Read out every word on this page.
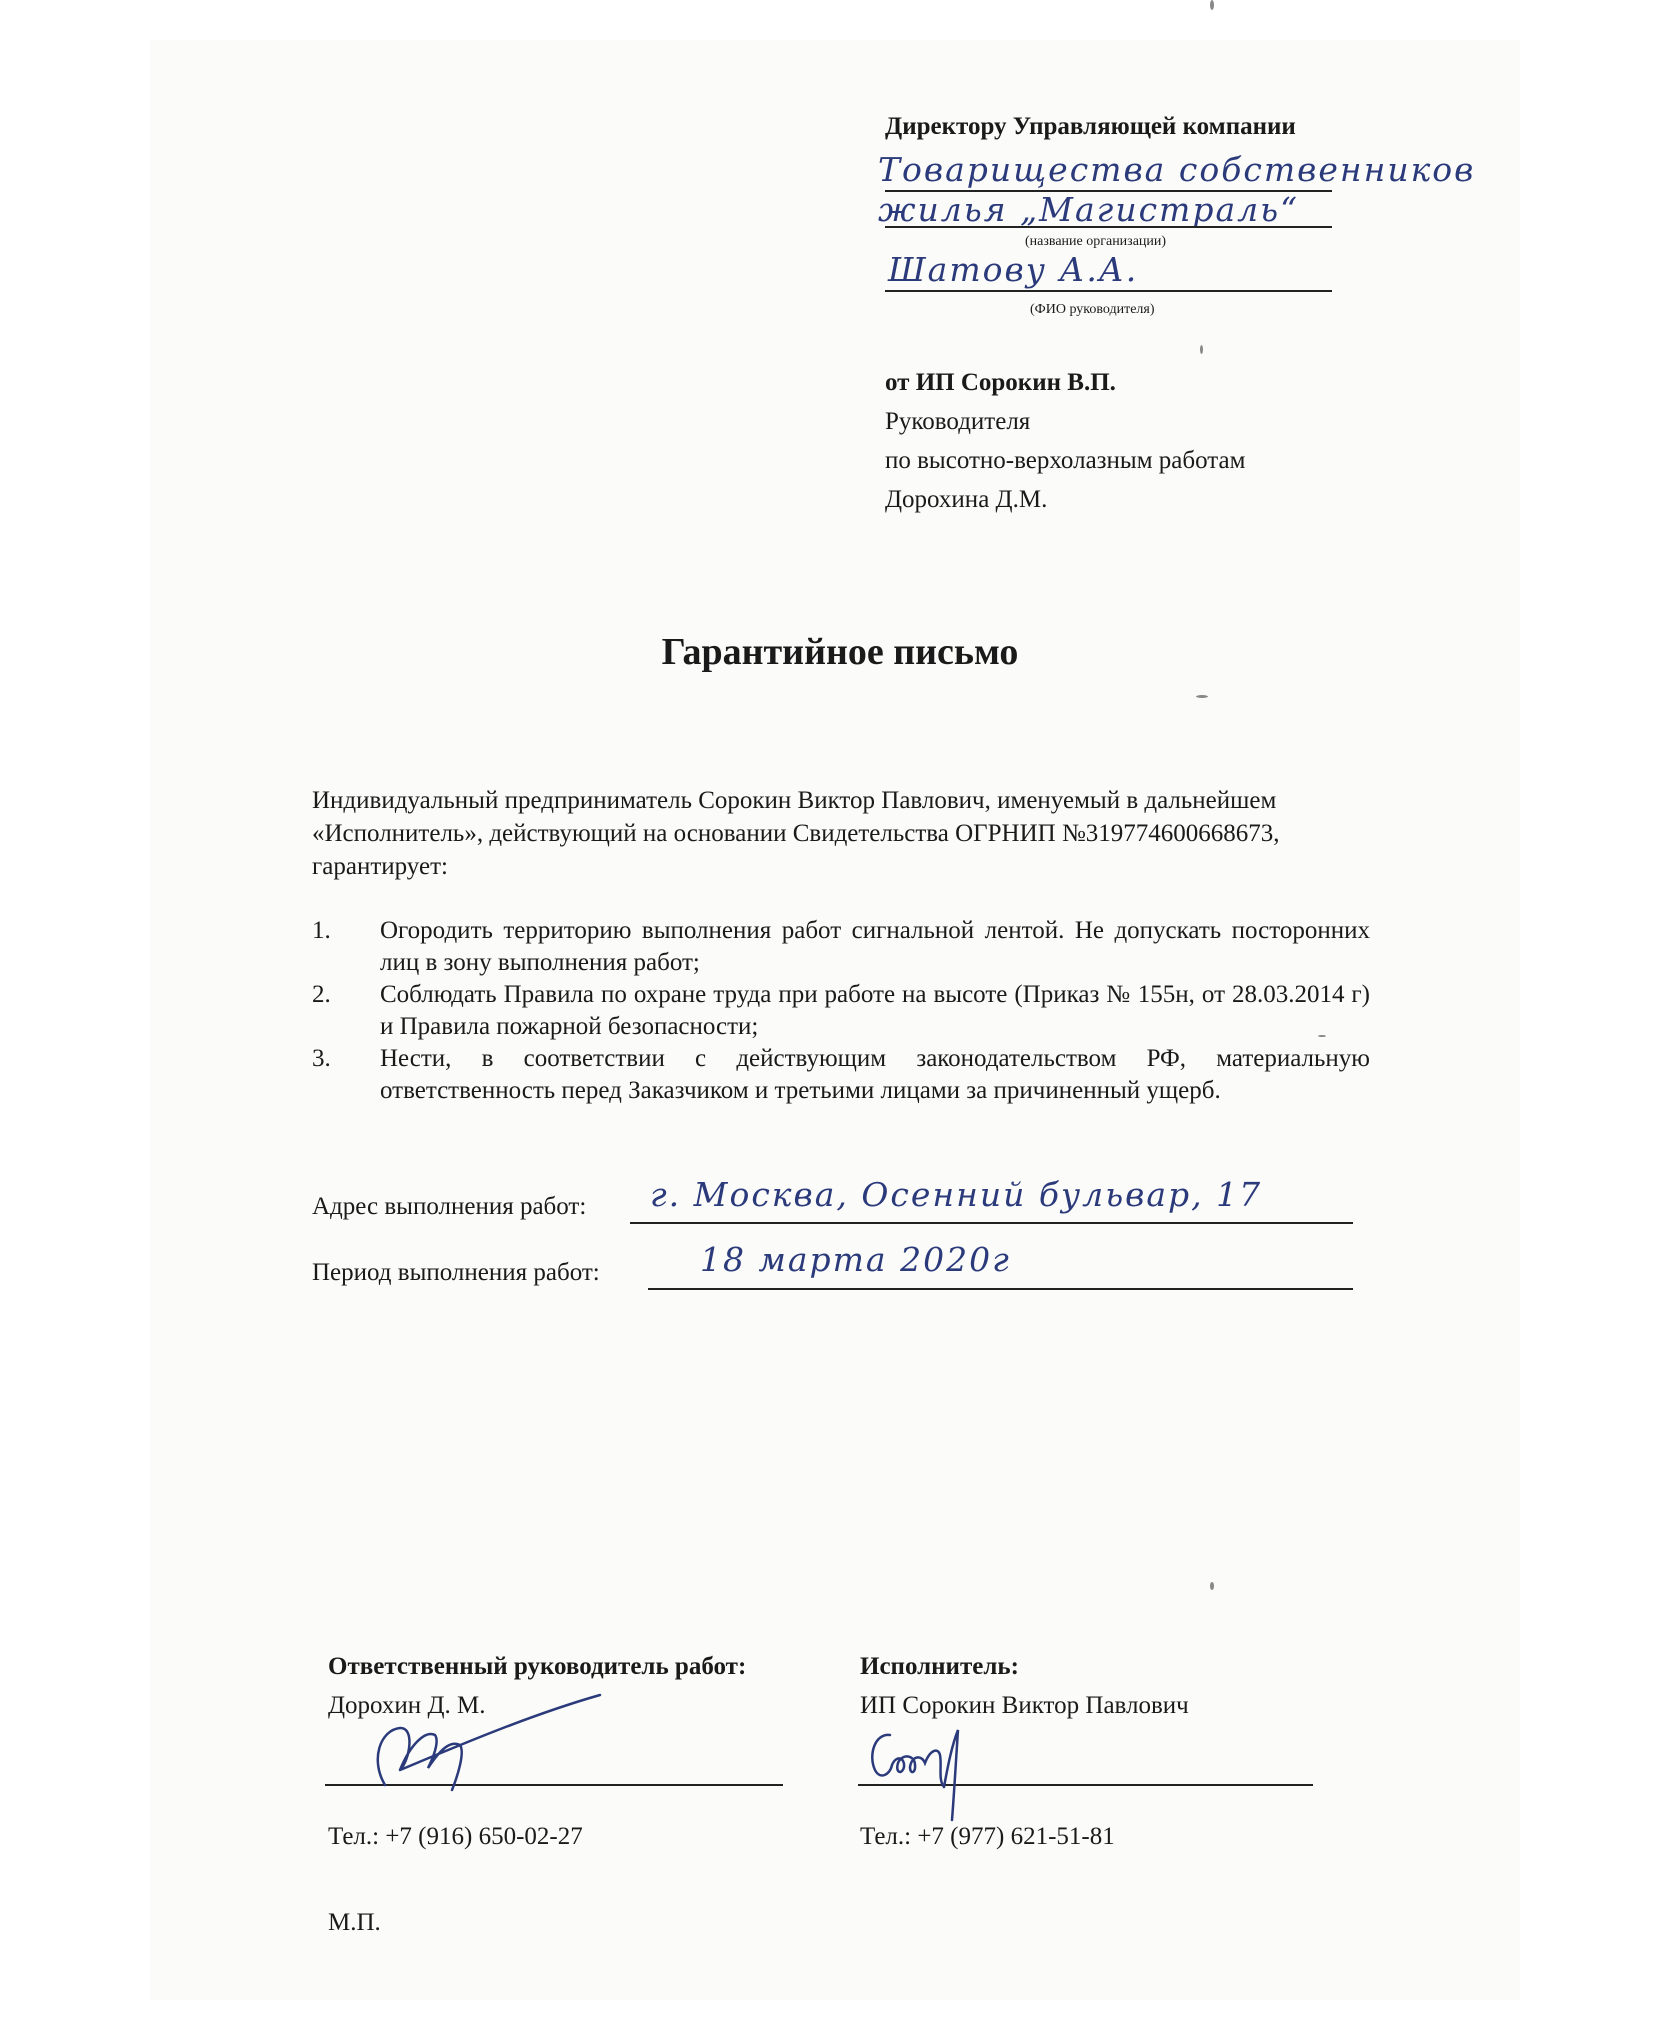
Директору Управляющей компании
Товарищества собственников
жилья „Магистраль“
(название организации)
Шатову А.А.
(ФИО руководителя)
от ИП Сорокин В.П.
Руководителя
по высотно-верхолазным работам
Дорохина Д.М.
Гарантийное письмо
Индивидуальный предприниматель Сорокин Виктор Павлович, именуемый в дальнейшем «Исполнитель», действующий на основании Свидетельства ОГРНИП №319774600668673, гарантирует:
1. Огородить территорию выполнения работ сигнальной лентой. Не допускать посторонних лиц в зону выполнения работ;
2. Соблюдать Правила по охране труда при работе на высоте (Приказ № 155н, от 28.03.2014 г) и Правила пожарной безопасности;
3. Нести, в соответствии с действующим законодательством РФ, материальную ответственность перед Заказчиком и третьими лицами за причиненный ущерб.
Адрес выполнения работ: г. Москва, Осенний бульвар, 17
Период выполнения работ:	18 марта 2020г
Ответственный руководитель работ:
Дорохин Д. М.
Тел.: +7 (916) 650-02-27
Исполнитель:
ИП Сорокин Виктор Павлович
Тел.: +7 (977) 621-51-81
М.П.
